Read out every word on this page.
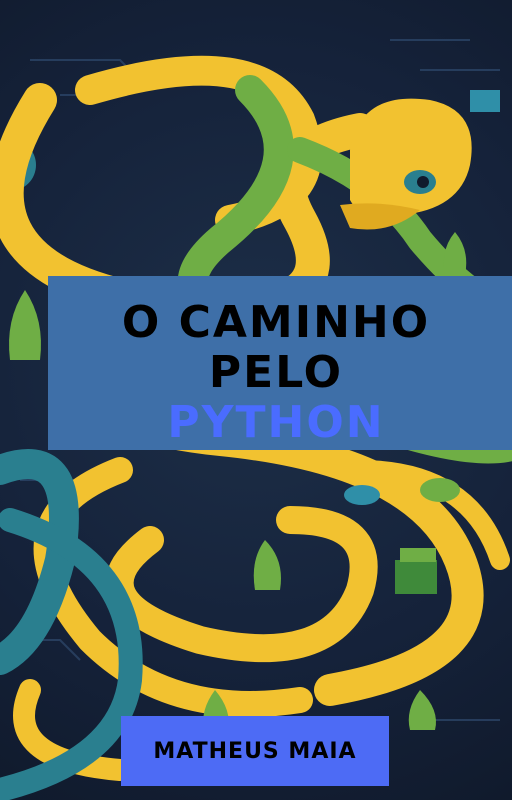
O CAMINHO
PELO
PYTHON
MATHEUS MAIA
